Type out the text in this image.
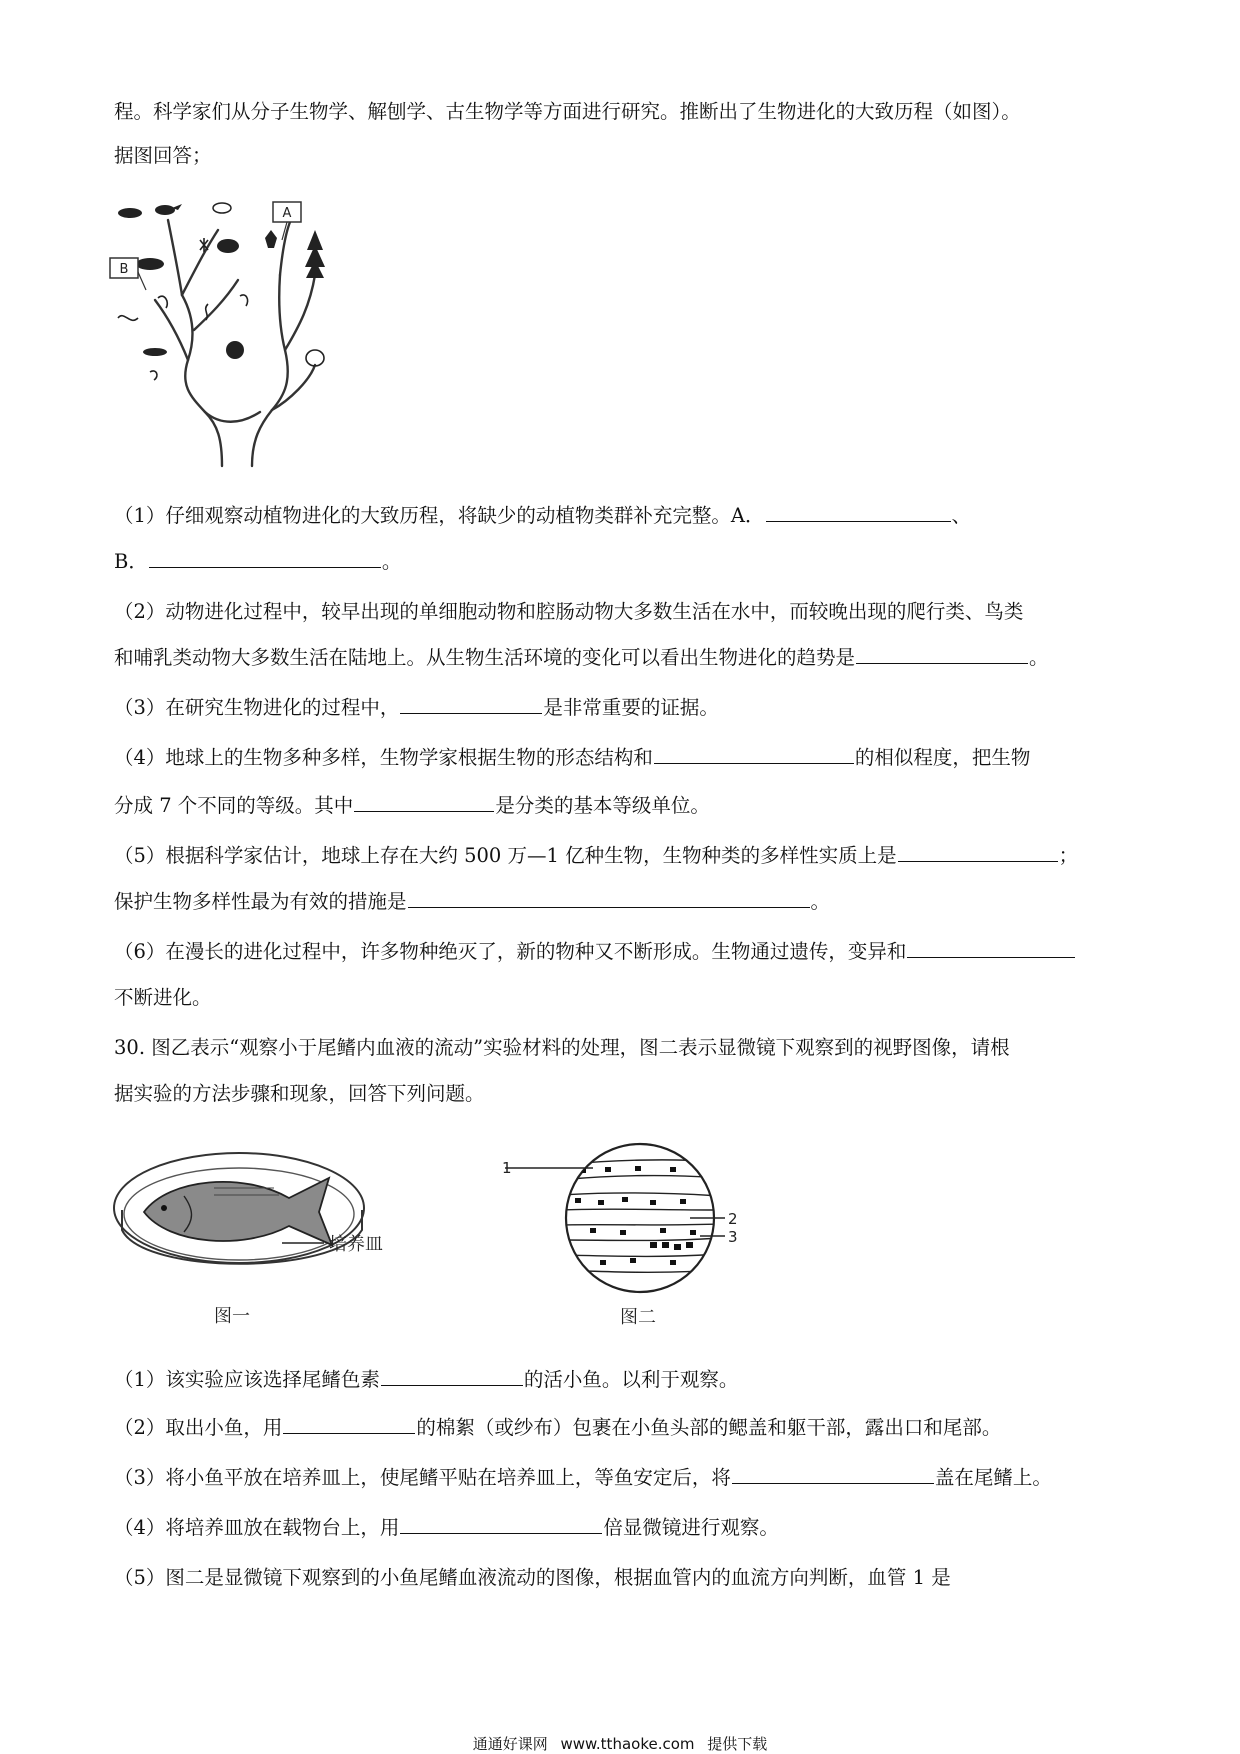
程。科学家们从分子生物学、解刨学、古生物学等方面进行研究。推断出了生物进化的大致历程（如图）。
据图回答；
A
B
（1）仔细观察动植物进化的大致历程，将缺少的动植物类群补充完整。A．	、
B．	。
（2）动物进化过程中，较早出现的单细胞动物和腔肠动物大多数生活在水中，而较晚出现的爬行类、鸟类
和哺乳类动物大多数生活在陆地上。从生物生活环境的变化可以看出生物进化的趋势是	。
（3）在研究生物进化的过程中，	是非常重要的证据。
（4）地球上的生物多种多样，生物学家根据生物的形态结构和	的相似程度，把生物
分成 7 个不同的等级。其中	是分类的基本等级单位。
（5）根据科学家估计，地球上存在大约 500 万—1 亿种生物，生物种类的多样性实质上是	；
保护生物多样性最为有效的措施是	。
（6）在漫长的进化过程中，许多物种绝灭了，新的物种又不断形成。生物通过遗传，变异和
不断进化。
30. 图乙表示“观察小于尾鳍内血液的流动”实验材料的处理，图二表示显微镜下观察到的视野图像，请根
据实验的方法步骤和现象，回答下列问题。
培养皿
图一
1
2
3
图二
（1）该实验应该选择尾鳍色素	的活小鱼。以利于观察。
（2）取出小鱼，用	的棉絮（或纱布）包裹在小鱼头部的鳃盖和躯干部，露出口和尾部。
（3）将小鱼平放在培养皿上，使尾鳍平贴在培养皿上，等鱼安定后，将	盖在尾鳍上。
（4）将培养皿放在载物台上，用	倍显微镜进行观察。
（5）图二是显微镜下观察到的小鱼尾鳍血液流动的图像，根据血管内的血流方向判断，血管 1 是
通通好课网 www.tthaoke.com 提供下载
